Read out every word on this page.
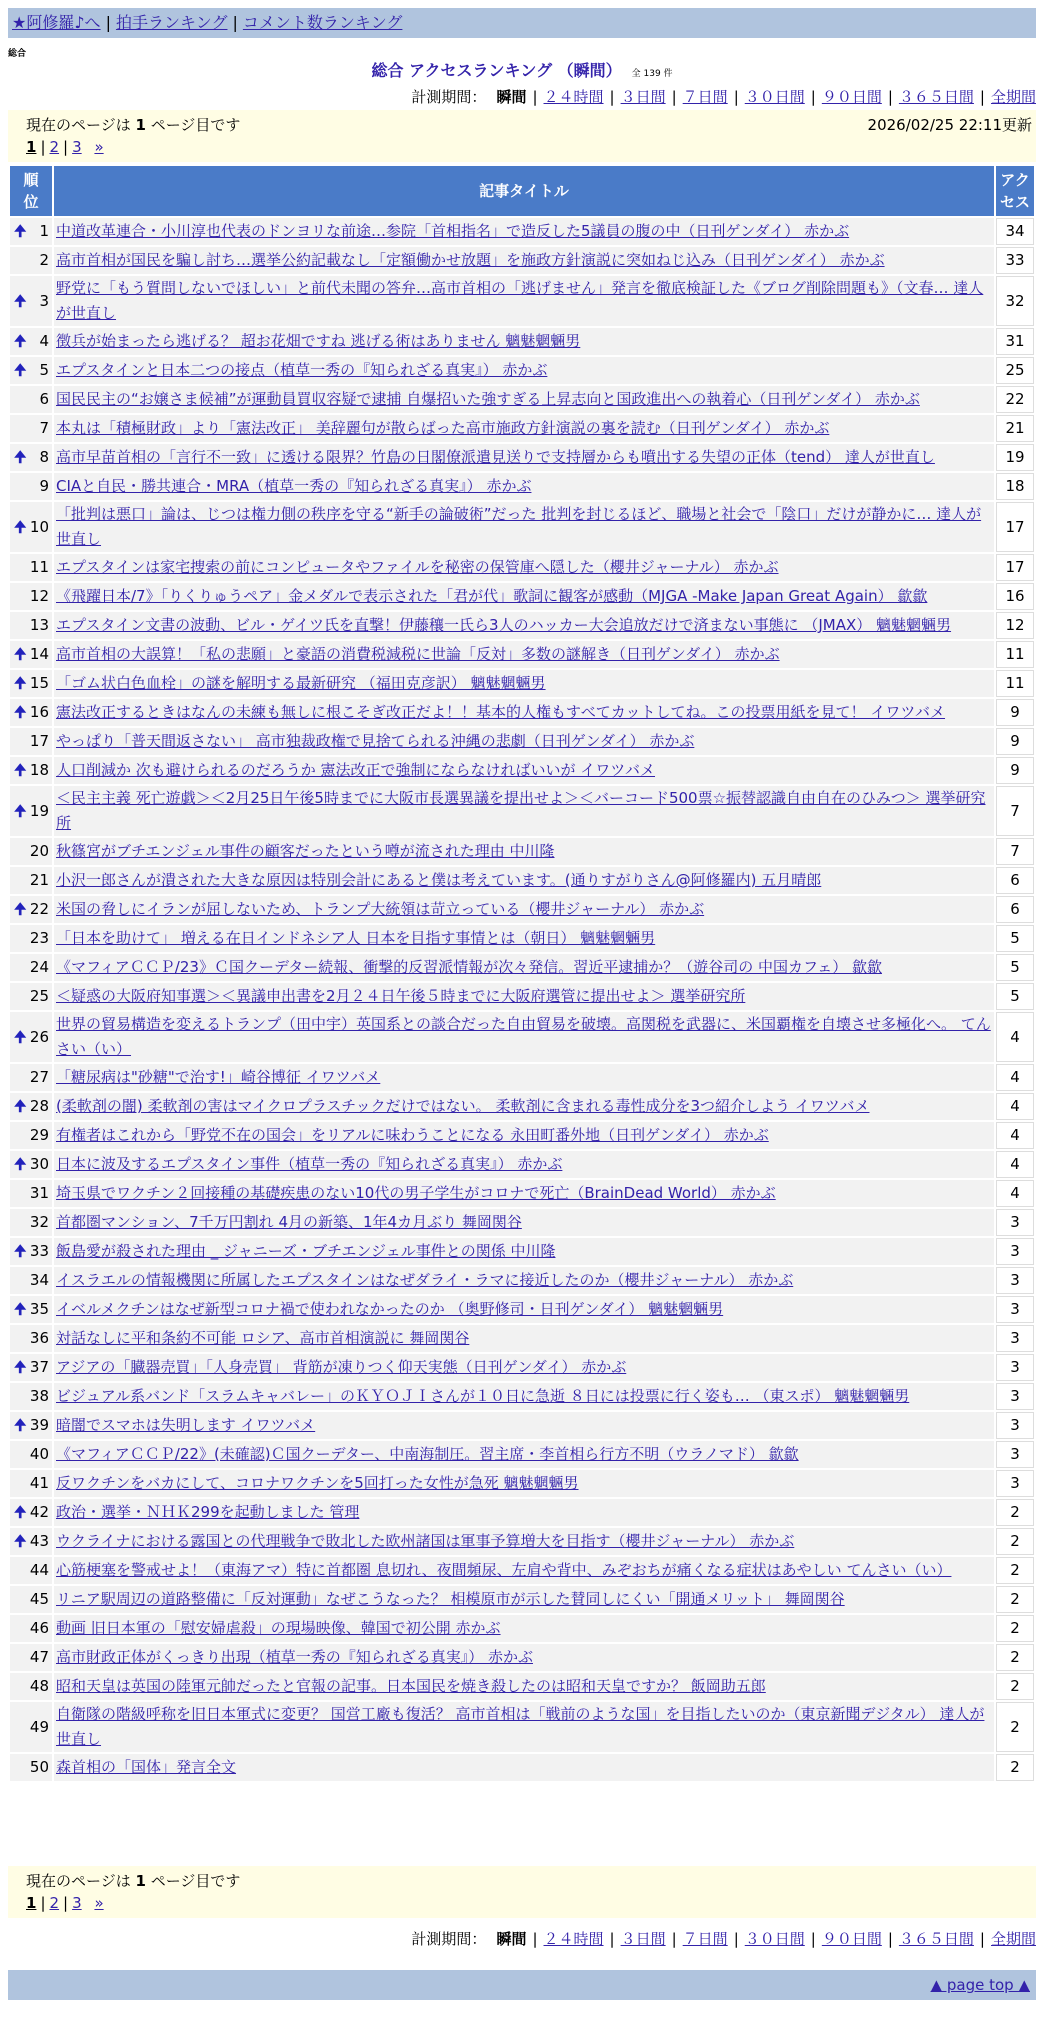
★阿修羅♪へ | 拍手ランキング | コメント数ランキング
総合
総合 アクセスランキング （瞬間） 全 139 件
計測期間： 瞬間 | ２４時間 | ３日間 | ７日間 | ３０日間 | ９０日間 | ３６５日間 | 全期間
現在のページは 1 ページ目です	2026/02/25 22:11更新
1 | 2 | 3 »
順位	記事タイトル	アクセス

🠉 1	中道改革連合・小川淳也代表のドンヨリな前途…参院「首相指名」で造反した5議員の腹の中（日刊ゲンダイ） 赤かぶ	34
2	高市首相が国民を騙し討ち…選挙公約記載なし「定額働かせ放題」を施政方針演説に突如ねじ込み（日刊ゲンダイ） 赤かぶ	33

🠉 3	野党に「もう質問しないでほしい」と前代未聞の答弁…高市首相の「逃げません」発言を徹底検証した《ブログ削除問題も》（文春… 達人が世直し	32

🠉 4	徴兵が始まったら逃げる？ 超お花畑ですね 逃げる術はありません 魑魅魍魎男	31

🠉 5	エプスタインと日本二つの接点（植草一秀の『知られざる真実』） 赤かぶ	25
6	国民民主の“お嬢さま候補”が運動員買収容疑で逮捕 自爆招いた強すぎる上昇志向と国政進出への執着心（日刊ゲンダイ） 赤かぶ	22
7	本丸は「積極財政」より「憲法改正」 美辞麗句が散らばった高市施政方針演説の裏を読む（日刊ゲンダイ） 赤かぶ	21

🠉 8	高市早苗首相の「言行不一致」に透ける限界？竹島の日閣僚派遣見送りで支持層からも噴出する失望の正体（tend） 達人が世直し	19
9	CIAと自民・勝共連合・MRA（植草一秀の『知られざる真実』） 赤かぶ	18

🠉 10	「批判は悪口」論は、じつは権力側の秩序を守る“新手の論破術”だった 批判を封じるほど、職場と社会で「陰口」だけが静かに… 達人が世直し	17
11	エプスタインは家宅捜索の前にコンピュータやファイルを秘密の保管庫へ隠した（櫻井ジャーナル） 赤かぶ	17
12	《飛躍日本/7》「りくりゅうペア」金メダルで表示された「君が代」歌詞に観客が感動（MJGA -Make Japan Great Again） 歙歙	16
13	エプスタイン文書の波動、ビル・ゲイツ氏を直撃！伊藤穰一氏ら3人のハッカー大会追放だけで済まない事態に （JMAX） 魑魅魍魎男	12

🠉 14	高市首相の大誤算！「私の悲願」と豪語の消費税減税に世論「反対」多数の謎解き（日刊ゲンダイ） 赤かぶ	11

🠉 15	「ゴム状白色血栓」の謎を解明する最新研究 （福田克彦訳） 魑魅魍魎男	11

🠉 16	憲法改正するときはなんの未練も無しに根こそぎ改正だよ！！基本的人権もすべてカットしてね。この投票用紙を見て！ イワツバメ	9
17	やっぱり「普天間返さない」 高市独裁政権で見捨てられる沖縄の悲劇（日刊ゲンダイ） 赤かぶ	9

🠉 18	人口削減か 次も避けられるのだろうか 憲法改正で強制にならなければいいが イワツバメ	9

🠉 19	＜民主主義 死亡遊戯＞＜2月25日午後5時までに大阪市長選異議を提出せよ＞＜バーコード500票☆振替認識自由自在のひみつ＞ 選挙研究所	7
20	秋篠宮がブチエンジェル事件の顧客だったという噂が流された理由 中川隆	7
21	小沢一郎さんが潰された大きな原因は特別会計にあると僕は考えています。(通りすがりさん@阿修羅内) 五月晴郎	6

🠉 22	米国の脅しにイランが屈しないため、トランプ大統領は苛立っている（櫻井ジャーナル） 赤かぶ	6
23	「日本を助けて」 増える在日インドネシア人 日本を目指す事情とは（朝日） 魑魅魍魎男	5
24	《マフィアＣＣＰ/23》Ｃ国クーデター続報、衝撃的反習派情報が次々発信。習近平逮捕か？（遊谷司の 中国カフェ） 歙歙	5
25	＜疑惑の大阪府知事選＞＜異議申出書を2月２４日午後５時までに大阪府選管に提出せよ＞ 選挙研究所	5

🠉 26	世界の貿易構造を変えるトランプ（田中宇）英国系との談合だった自由貿易を破壊。高関税を武器に、米国覇権を自壊させ多極化へ。 てんさい（い）	4
27	「糖尿病は"砂糖"で治す!」崎谷博征 イワツバメ	4

🠉 28	(柔軟剤の闇) 柔軟剤の害はマイクロプラスチックだけではない。 柔軟剤に含まれる毒性成分を3つ紹介しよう イワツバメ	4
29	有権者はこれから「野党不在の国会」をリアルに味わうことになる 永田町番外地（日刊ゲンダイ） 赤かぶ	4

🠉 30	日本に波及するエプスタイン事件（植草一秀の『知られざる真実』） 赤かぶ	4
31	埼玉県でワクチン２回接種の基礎疾患のない10代の男子学生がコロナで死亡（BrainDead World） 赤かぶ	4
32	首都圏マンション、7千万円割れ 4月の新築、1年4カ月ぶり 舞岡関谷	3

🠉 33	飯島愛が殺された理由 _ ジャニーズ・ブチエンジェル事件との関係 中川隆	3
34	イスラエルの情報機関に所属したエプスタインはなぜダライ・ラマに接近したのか（櫻井ジャーナル） 赤かぶ	3

🠉 35	イベルメクチンはなぜ新型コロナ禍で使われなかったのか （奥野修司・日刊ゲンダイ） 魑魅魍魎男	3
36	対話なしに平和条約不可能 ロシア、高市首相演説に 舞岡関谷	3

🠉 37	アジアの「臓器売買」「人身売買」 背筋が凍りつく仰天実態（日刊ゲンダイ） 赤かぶ	3
38	ビジュアル系バンド「スラムキャバレー」のＫＹＯＪＩさんが１０日に急逝 ８日には投票に行く姿も… （東スポ） 魑魅魍魎男	3

🠉 39	暗闇でスマホは失明します イワツバメ	3
40	《マフィアＣＣＰ/22》(未確認)Ｃ国クーデター、中南海制圧。習主席・李首相ら行方不明（ウラノマド） 歙歙	3
41	反ワクチンをバカにして、コロナワクチンを5回打った女性が急死 魑魅魍魎男	3

🠉 42	政治・選挙・ＮＨＫ299を起動しました 管理	2

🠉 43	ウクライナにおける露国との代理戦争で敗北した欧州諸国は軍事予算増大を目指す（櫻井ジャーナル） 赤かぶ	2
44	心筋梗塞を警戒せよ！（東海アマ）特に首都圏 息切れ、夜間頻尿、左肩や背中、みぞおちが痛くなる症状はあやしい てんさい（い）	2
45	リニア駅周辺の道路整備に「反対運動」なぜこうなった？ 相模原市が示した賛同しにくい「開通メリット」 舞岡関谷	2
46	動画 旧日本軍の「慰安婦虐殺」の現場映像、韓国で初公開 赤かぶ	2
47	高市財政正体がくっきり出現（植草一秀の『知られざる真実』） 赤かぶ	2
48	昭和天皇は英国の陸軍元帥だったと官報の記事。日本国民を焼き殺したのは昭和天皇ですか？ 飯岡助五郎	2
49	自衛隊の階級呼称を旧日本軍式に変更？ 国営工廠も復活？ 高市首相は「戦前のような国」を目指したいのか（東京新聞デジタル） 達人が世直し	2
50	森首相の「国体」発言全文	2
現在のページは 1 ページ目です
1 | 2 | 3 »
計測期間： 瞬間 | ２４時間 | ３日間 | ７日間 | ３０日間 | ９０日間 | ３６５日間 | 全期間
▲ page top ▲
